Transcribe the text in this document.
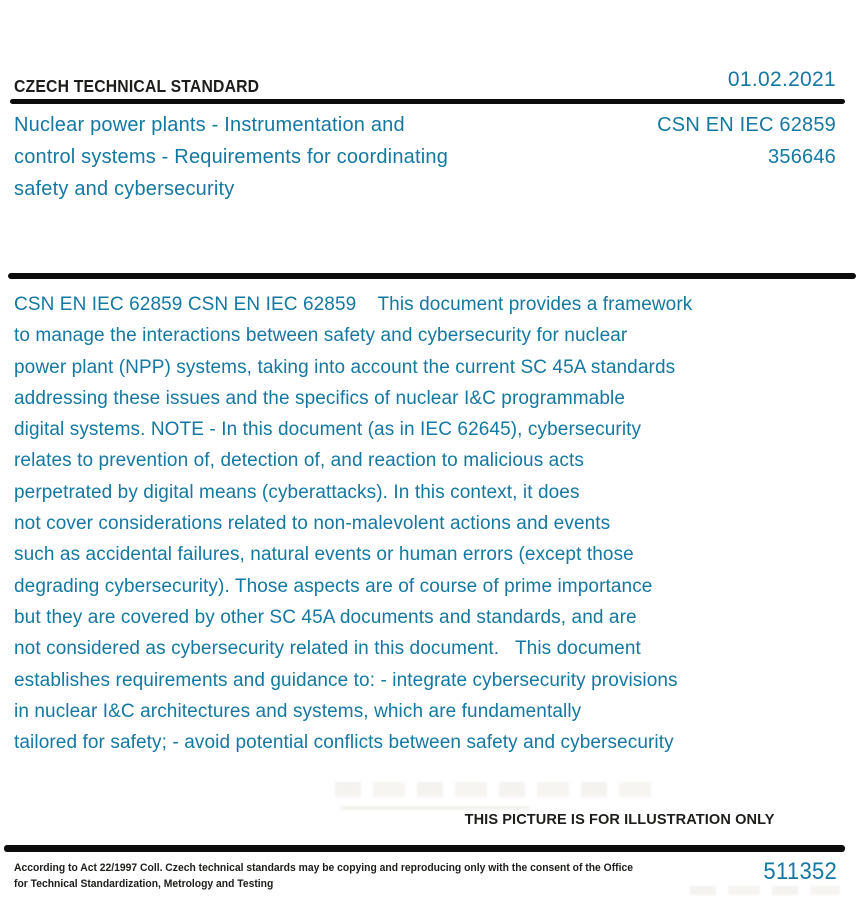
CZECH TECHNICAL STANDARD	01.02.2021
Nuclear power plants - Instrumentation and
control systems - Requirements for coordinating
safety and cybersecurity
CSN EN IEC 62859
356646
CSN EN IEC 62859 CSN EN IEC 62859    This document provides a framework
to manage the interactions between safety and cybersecurity for nuclear
power plant (NPP) systems, taking into account the current SC 45A standards
addressing these issues and the specifics of nuclear I&C programmable
digital systems. NOTE - In this document (as in IEC 62645), cybersecurity
relates to prevention of, detection of, and reaction to malicious acts
perpetrated by digital means (cyberattacks). In this context, it does
not cover considerations related to non-malevolent actions and events
such as accidental failures, natural events or human errors (except those
degrading cybersecurity). Those aspects are of course of prime importance
but they are covered by other SC 45A documents and standards, and are
not considered as cybersecurity related in this document.   This document
establishes requirements and guidance to: - integrate cybersecurity provisions
in nuclear I&C architectures and systems, which are fundamentally
tailored for safety; - avoid potential conflicts between safety and cybersecurity
THIS PICTURE IS FOR ILLUSTRATION ONLY
According to Act 22/1997 Coll. Czech technical standards may be copying and reproducing only with the consent of the Office
for Technical Standardization, Metrology and Testing	511352
